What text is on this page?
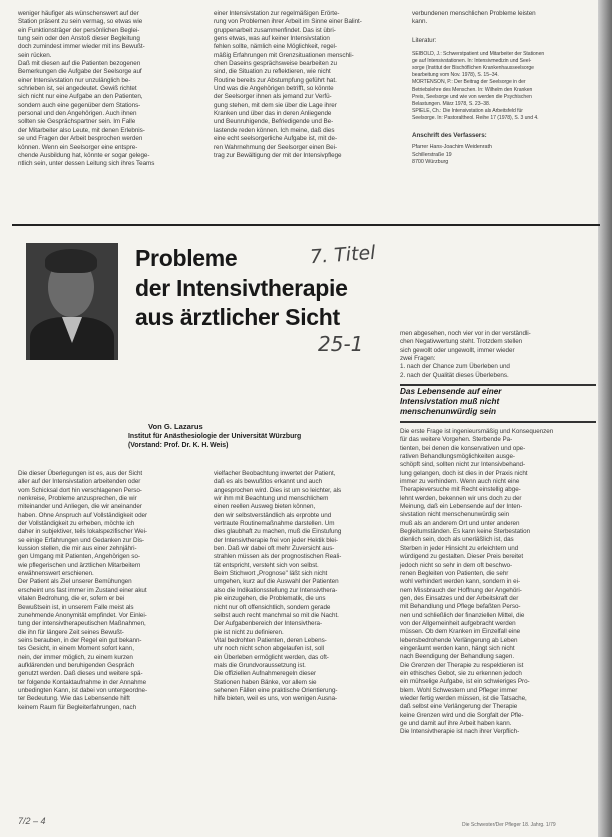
weniger häufiger als wünschenswert auf der

Station präsent zu sein vermag, so etwas wie

ein Funktionsträger der persönlichen Beglei-

tung sein oder den Anstoß dieser Begleitung

doch zumindest immer wieder mit ins Bewußt-

sein rücken.

Daß mit diesen auf die Patienten bezogenen

Bemerkungen die Aufgabe der Seelsorge auf

einer Intensivstation nur unzulänglich be-

schrieben ist, sei angedeutet. Gewiß richtet

sich nicht nur eine Aufgabe an den Patienten,

sondern auch eine gegenüber dem Stations-

personal und den Angehörigen. Auch ihnen

sollten sie Gesprächspartner sein. Im Falle

der Mitarbeiter also Leute, mit denen Erlebnis-

se und Fragen der Arbeit besprochen werden

können. Wenn ein Seelsorger eine entspre-

chende Ausbildung hat, könnte er sogar gelege-

ntlich sein, unter dessen Leitung sich ihres Teams

einer Intensivstation zur regelmäßigen Erörte-

rung von Problemen ihrer Arbeit im Sinne einer Balint-

gruppenarbeit zusammenfindet. Das ist übri-

gens etwas, was auf keiner Intensivstation

fehlen sollte, nämlich eine Möglichkeit, regel-

mäßig Erfahrungen mit Grenzsituationen menschli-

chen Daseins gesprächsweise bearbeiten zu

sind, die Situation zu reflektieren, wie nicht

Routine bereits zur Abstumpfung geführt hat.

Und was die Angehörigen betrifft, so könnte

der Seelsorger ihnen als jemand zur Verfü-

gung stehen, mit dem sie über die Lage ihrer

Kranken und über das in deren Anliegende

und Beunruhigende, Befriedigende und Be-

lastende reden können. Ich meine, daß dies

eine echt seelsorgerliche Aufgabe ist, mit de-

ren Wahrnehmung der Seelsorger einen Bei-

trag zur Bewältigung der mit der Intensivpflege

verbundenen menschlichen Probleme leisten

kann.

Literatur:

SEIBOLD, J.: Schwerstpatient und Mitarbeiter der Stationen

ge auf Intensivstationen. In: Intensivmedizin und Seel-

sorge (Institut der Bischöflichen Krankenhausseelsorge

bearbeitung vom Nov. 1978), S. 15–34.

MORTENSON, P.: Der Beitrag der Seelsorge in der

Betriebslehre des Menschen. In: Wilhelm den Kranken

Preis, Seelsorge und wie von werden die Psychischen

Belastungen. März 1978, S. 23–38.

SPIELE, Ch.: Die Intensivstation als Arbeitsfeld für

Seelsorge. In: Pastoraltheol. Reihe 17 (1978), S. 3 und 4.

Anschrift des Verfassers:

Pfarrer Hans-Joachim Weidenrath

Schillerstraße 19

8700 Würzburg

Probleme
der Intensivtherapie
aus ärztlicher Sicht
7. Titel
25-1
Von G. Lazarus
Institut für Anästhesiologie der Universität Würzburg
(Vorstand: Prof. Dr. K. H. Weis)

men abgesehen, noch vier vor in der verständli-

chen Negativwertung steht. Trotzdem stellen

sich gewollt oder ungewollt, immer wieder

zwei Fragen:

1. nach der Chance zum Überleben und

2. nach der Qualität dieses Überlebens.

Das Lebensende auf einer
Intensivstation muß nicht
menschenunwürdig sein

Die dieser Überlegungen ist es, aus der Sicht

aller auf der Intensivstation arbeitenden oder

vom Schicksal dort hin verschlagenen Perso-

nenkreise, Probleme anzusprechen, die wir

miteinander und Anliegen, die wir aneinander

haben. Ohne Anspruch auf Vollständigkeit oder

der Vollständigkeit zu erheben, möchte ich

daher in subjektiver, teils lokalspezifischer Wei-

se einige Erfahrungen und Gedanken zur Dis-

kussion stellen, die mir aus einer zehnjähri-

gen Umgang mit Patienten, Angehörigen so-

wie pflegerischen und ärztlichen Mitarbeitern

erwähnenswert erschienen.

Der Patient als Ziel unserer Bemühungen

erscheint uns fast immer im Zustand einer akut

vitalen Bedrohung, die er, sofern er bei

Bewußtsein ist, in unserem Falle meist als

zunehmende Anonymität empfindet. Vor Einlei-

tung der intensivtherapeutischen Maßnahmen,

die ihn für längere Zeit seines Bewußt-

seins berauben, in der Regel ein gut bekann-

tes Gesicht, in einem Moment sofort kann,

nein, der immer möglich, zu einem kurzen

aufklärenden und beruhigenden Gespräch

genutzt werden. Daß dieses und weitere spä-

ter folgende Kontaktaufnahme in der Annahme

unbedingten Kann, ist dabei von untergeordne-

ter Bedeutung. Wie das Lebensende hilft

keinem Raum für Begleiterfahrungen, nach

vielfacher Beobachtung inwertet der Patient,

daß es als bewußtlos erkannt und auch

angesprochen wird. Dies ist um so leichter, als

wir ihm mit Beachtung und menschlichem

einen reellen Ausweg bieten können,

den wir selbstverständlich als erprobte und

vertraute Routinemaßnahme darstellen. Um

dies glaubhaft zu machen, muß die Einstufung

der Intensivtherapie frei von jeder Hektik blei-

ben. Daß wir dabei oft mehr Zuversicht aus-

strahlen müssen als der prognostischen Reali-

tät entspricht, versteht sich von selbst.

Beim Stichwort „Prognose" läßt sich nicht

umgehen, kurz auf die Auswahl der Patienten

also die Indikationsstellung zur Intensivthera-

pie einzugehen, die Problematik, die uns

nicht nur oft offensichtlich, sondern gerade

selbst auch recht manchmal so mit die Nacht.

Der Aufgabenbereich der Intensivthera-

pie ist nicht zu definieren.

Vital bedrohten Patienten, deren Lebens-

uhr noch nicht schon abgelaufen ist, soll

ein Überleben ermöglicht werden, das oft-

mals die Grundvoraussetzung ist.

Die offiziellen Aufnahmeregeln dieser

Stationen haben Bänke, vor allem sie

sehenen Fällen eine praktische Orientierung-

hilfe bieten, weil es uns, von wenigen Ausna-

Die erste Frage ist ingenieursmäßig und Konsequenzen

für das weitere Vorgehen. Sterbende Pa-

tienten, bei denen die konservativen und ope-

rativen Behandlungsmöglichkeiten ausge-

schöpft sind, sollten nicht zur Intensivbehand-

lung gelangen, doch ist dies in der Praxis nicht

immer zu verhindern. Wenn auch nicht eine

Therapieversuche mit Recht einstellig abge-

lehnt werden, bekennen wir uns doch zu der

Meinung, daß ein Lebensende auf der Inten-

sivstation nicht menschenunwürdig sein

muß als an anderem Ort und unter anderen

Begleitumständen. Es kann keine Sterbestation

dienlich sein, doch als unerläßlich ist, das

Sterben in jeder Hinsicht zu erleichtern und

würdigend zu gestalten. Dieser Preis bereitet

jedoch nicht so sehr in dem oft beschwo-

renen Begleiten von Patienten, die sehr

wohl verhindert werden kann, sondern in ei-

nem Missbrauch der Hoffnung der Angehöri-

gen, des Einsatzes und der Arbeitskraft der

mit Behandlung und Pflege befaßten Perso-

nen und schließlich der finanziellen Mittel, die

von der Allgemeinheit aufgebracht werden

müssen. Ob dem Kranken im Einzelfall eine

lebensbedrohende Verlängerung ab Leben

eingeräumt werden kann, hängt sich nicht

nach Beendigung der Behandlung sagen.

Die Grenzen der Therapie zu respektieren ist

ein ethisches Gebot, sie zu erkennen jedoch

ein mühselige Aufgabe, ist ein schwieriges Pro-

blem. Wohl Schwestern und Pfleger immer

wieder fertig werden müssen, ist die Tatsache,

daß selbst eine Verlängerung der Therapie

keine Grenzen wird und die Sorgfalt der Pfle-

ge und damit auf ihre Arbeit haben kann.

Die Intensivtherapie ist nach ihrer Verpflich-

7/2 – 4	Die Schwester/Der Pfleger 18. Jahrg. 1/79
